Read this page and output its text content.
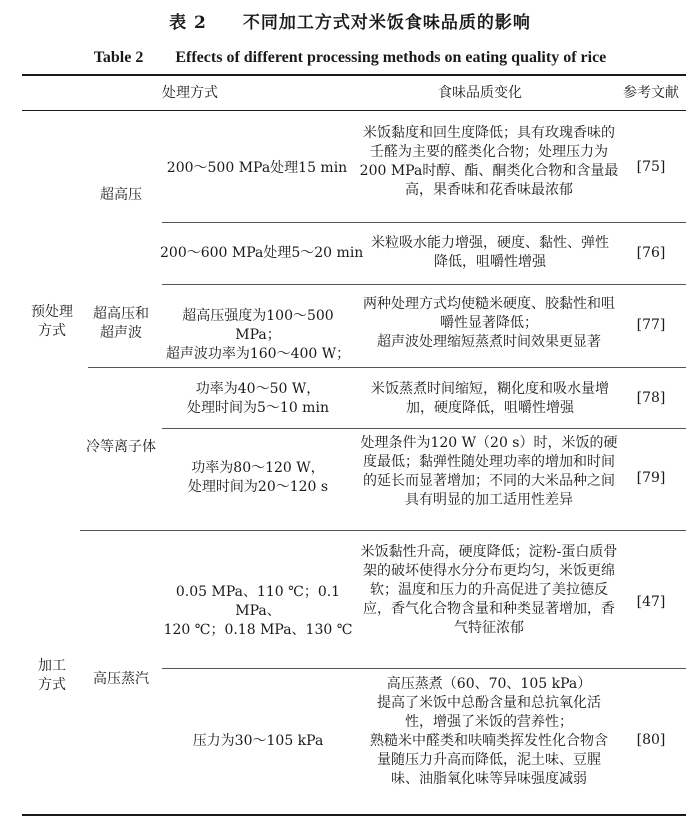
表 2　　不同加工方式对米饭食味品质的影响
Table 2　　Effects of different processing methods on eating quality of rice
处理方式	食味品质变化	参考文献
预处理
方式
加工
方式
超高压
超高压和
超声波
冷等离子体
高压蒸汽
200～500 MPa处理15 min
米饭黏度和回生度降低；具有玫瑰香味的壬醛为主要的醛类化合物；处理压力为200 MPa时醇、酯、酮类化合物和含量最高，果香味和花香味最浓郁
[75]
200～600 MPa处理5～20 min
米粒吸水能力增强，硬度、黏性、弹性降低，咀嚼性增强
[76]
超高压强度为100～500 MPa；
超声波功率为160～400 W；
两种处理方式均使糙米硬度、胶黏性和咀嚼性显著降低；
超声波处理缩短蒸煮时间效果更显著
[77]
功率为40～50 W，
处理时间为5～10 min
米饭蒸煮时间缩短，糊化度和吸水量增加，硬度降低，咀嚼性增强
[78]
功率为80～120 W，
处理时间为20～120 s
处理条件为120 W（20 s）时，米饭的硬度最低；黏弹性随处理功率的增加和时间的延长而显著增加；不同的大米品种之间具有明显的加工适用性差异
[79]
0.05 MPa、110 ℃；0.1 MPa、
120 ℃；0.18 MPa、130 ℃
米饭黏性升高，硬度降低；淀粉-蛋白质骨架的破坏使得水分分布更均匀，米饭更绵软；温度和压力的升高促进了美拉德反应，香气化合物含量和种类显著增加，香气特征浓郁
[47]
压力为30～105 kPa
高压蒸煮（60、70、105 kPa）
提高了米饭中总酚含量和总抗氧化活性，增强了米饭的营养性；
熟糙米中醛类和呋喃类挥发性化合物含量随压力升高而降低，泥土味、豆腥味、油脂氧化味等异味强度减弱
[80]
